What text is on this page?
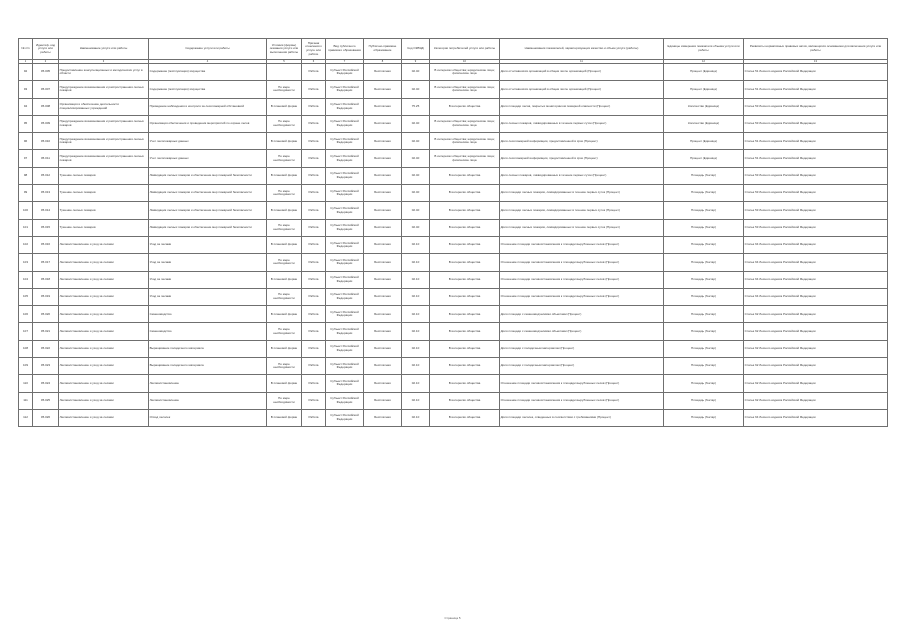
№ п/п	Идентиф. код услуги или работы	Наименование услуги или работы	Содержание услуги или работы	Условия (формы) оказания услуги или выполнения работы	Признак отнесения к услуге или работе	Вид публичного правового образования	Публично-правовое образование	Код ОКВЭД	Категории потребителей услуги или работы	Наименования показателей, характеризующих качество и объем услуги (работы)	Единицы измерения показателя объема услуги или работы	Реквизиты нормативных правовых актов, являющихся основанием для включения услуги или работы
1	2	3	4	5	6	7	8	9	10	11	12	13
92	05.005	Предоставление консультационных и методических услуг в области	Содержание (эксплуатация) имущества		Работа	Субъект Российской Федерации	Бесплатная	02.40	В интересах общества; юридические лица; физические лица	Доля отчитавшихся организаций в общем числе организаций (Процент)	Процент (Единица)	Статья 51 Лесного кодекса Российской Федерации
93	05.007	Предупреждение возникновения и распространения лесных пожаров	Содержание (эксплуатация) имущества	По мере необходимости	Работа	Субъект Российской Федерации	Бесплатная	02.40	В интересах общества; юридические лица; физические лица	Доля отчитавшихся организаций в общем числе организаций (Процент)	Процент (Единица)	Статья 51 Лесного кодекса Российской Федерации
94	05.008	Организация и обеспечение деятельности специализированных учреждений	Проведение наблюдения и контроля за лесопожарной обстановкой	В плановой форме	Работа	Субъект Российской Федерации	Бесплатная	75.25	В интересах общества	Доля площади лесов, покрытых мониторингом пожарной опасности (Процент)	Количество (Единица)	Статья 53 Лесного кодекса Российской Федерации
95	05.009	Предупреждение возникновения и распространения лесных пожаров	Организация обеспечения и проведения мероприятий по охране лесов	По мере необходимости	Работа	Субъект Российской Федерации	Бесплатная	02.40	В интересах общества; юридические лица; физические лица	Доля лесных пожаров, ликвидированных в течение первых суток (Процент)	Количество (Единица)	Статья 53 Лесного кодекса Российской Федерации
96	05.010	Предупреждение возникновения и распространения лесных пожаров	Учет лесопожарных данных	В плановой форме	Работа	Субъект Российской Федерации	Бесплатная	02.40	В интересах общества; юридические лица; физические лица	Доля лесопожарной информации, предоставленной в срок (Процент)	Процент (Единица)	Статья 51 Лесного кодекса Российской Федерации
97	05.011	Предупреждение возникновения и распространения лесных пожаров	Учет лесопожарных данных	По мере необходимости	Работа	Субъект Российской Федерации	Бесплатная	02.40	В интересах общества; юридические лица; физические лица	Доля лесопожарной информации, предоставленной в срок (Процент)	Процент (Единица)	Статья 51 Лесного кодекса Российской Федерации
98	05.012	Тушение лесных пожаров	Ликвидация лесных пожаров и обеспечение мер пожарной безопасности	В плановой форме	Работа	Субъект Российской Федерации	Бесплатная	02.40	В интересах общества	Доля лесных пожаров, ликвидированных в течение первых суток (Процент)	Площадь (Гектар)	Статья 53 Лесного кодекса Российской Федерации
99	05.013	Тушение лесных пожаров	Ликвидация лесных пожаров и обеспечение мер пожарной безопасности	По мере необходимости	Работа	Субъект Российской Федерации	Бесплатная	02.40	В интересах общества	Доля площади лесных пожаров, ликвидированных в течение первых суток (Процент)	Площадь (Гектар)	Статья 53 Лесного кодекса Российской Федерации
100	05.014	Тушение лесных пожаров	Ликвидация лесных пожаров и обеспечение мер пожарной безопасности	В плановой форме	Работа	Субъект Российской Федерации	Бесплатная	02.40	В интересах общества	Доля площади лесных пожаров, ликвидированных в течение первых суток (Процент)	Площадь (Гектар)	Статья 53 Лесного кодекса Российской Федерации
101	05.015	Тушение лесных пожаров	Ликвидация лесных пожаров и обеспечение мер пожарной безопасности	По мере необходимости	Работа	Субъект Российской Федерации	Бесплатная	02.40	В интересах общества	Доля площади лесных пожаров, ликвидированных в течение первых суток (Процент)	Площадь (Гектар)	Статья 53 Лесного кодекса Российской Федерации
102	05.016	Лесовосстановление и уход за лесами	Уход за лесами	В плановой форме	Работа	Субъект Российской Федерации	Бесплатная	02.10	В интересах общества	Отношение площади лесовосстановления к площади вырубленных лесов (Процент)	Площадь (Гектар)	Статья 64 Лесного кодекса Российской Федерации
103	05.017	Лесовосстановление и уход за лесами	Уход за лесами	По мере необходимости	Работа	Субъект Российской Федерации	Бесплатная	02.10	В интересах общества	Отношение площади лесовосстановления к площади вырубленных лесов (Процент)	Площадь (Гектар)	Статья 64 Лесного кодекса Российской Федерации
104	05.018	Лесовосстановление и уход за лесами	Уход за лесами	В плановой форме	Работа	Субъект Российской Федерации	Бесплатная	02.10	В интересах общества	Отношение площади лесовосстановления к площади вырубленных лесов (Процент)	Площадь (Гектар)	Статья 64 Лесного кодекса Российской Федерации
105	05.019	Лесовосстановление и уход за лесами	Уход за лесами	По мере необходимости	Работа	Субъект Российской Федерации	Бесплатная	02.10	В интересах общества	Отношение площади лесовосстановления к площади вырубленных лесов (Процент)	Площадь (Гектар)	Статья 64 Лесного кодекса Российской Федерации
106	05.020	Лесовосстановление и уход за лесами	Семеноводство	В плановой форме	Работа	Субъект Российской Федерации	Бесплатная	02.10	В интересах общества	Доля площади с семеноводческими объектами (Процент)	Площадь (Гектар)	Статья 62 Лесного кодекса Российской Федерации
107	05.021	Лесовосстановление и уход за лесами	Семеноводство	По мере необходимости	Работа	Субъект Российской Федерации	Бесплатная	02.10	В интересах общества	Доля площади с семеноводческими объектами (Процент)	Площадь (Гектар)	Статья 62 Лесного кодекса Российской Федерации
108	05.022	Лесовосстановление и уход за лесами	Выращивание посадочного материала	В плановой форме	Работа	Субъект Российской Федерации	Бесплатная	02.10	В интересах общества	Доля площади с посадочным материалом (Процент)	Площадь (Гектар)	Статья 62 Лесного кодекса Российской Федерации
109	05.023	Лесовосстановление и уход за лесами	Выращивание посадочного материала	По мере необходимости	Работа	Субъект Российской Федерации	Бесплатная	02.10	В интересах общества	Доля площади с посадочным материалом (Процент)	Площадь (Гектар)	Статья 62 Лесного кодекса Российской Федерации
110	05.024	Лесовосстановление и уход за лесами	Лесовосстановление	В плановой форме	Работа	Субъект Российской Федерации	Бесплатная	02.10	В интересах общества	Отношение площади лесовосстановления к площади вырубленных лесов (Процент)	Площадь (Гектар)	Статья 62 Лесного кодекса Российской Федерации
111	05.025	Лесовосстановление и уход за лесами	Лесовосстановление	По мере необходимости	Работа	Субъект Российской Федерации	Бесплатная	02.10	В интересах общества	Отношение площади лесовосстановления к площади вырубленных лесов (Процент)	Площадь (Гектар)	Статья 62 Лесного кодекса Российской Федерации
112	05.026	Лесовосстановление и уход за лесами	Отвод лесосек	В плановой форме	Работа	Субъект Российской Федерации	Бесплатная	02.10	В интересах общества	Доля площади лесосек, отведенных в соответствии с требованиями (Процент)	Площадь (Гектар)	Статья 64 Лесного кодекса Российской Федерации
Страница 5
